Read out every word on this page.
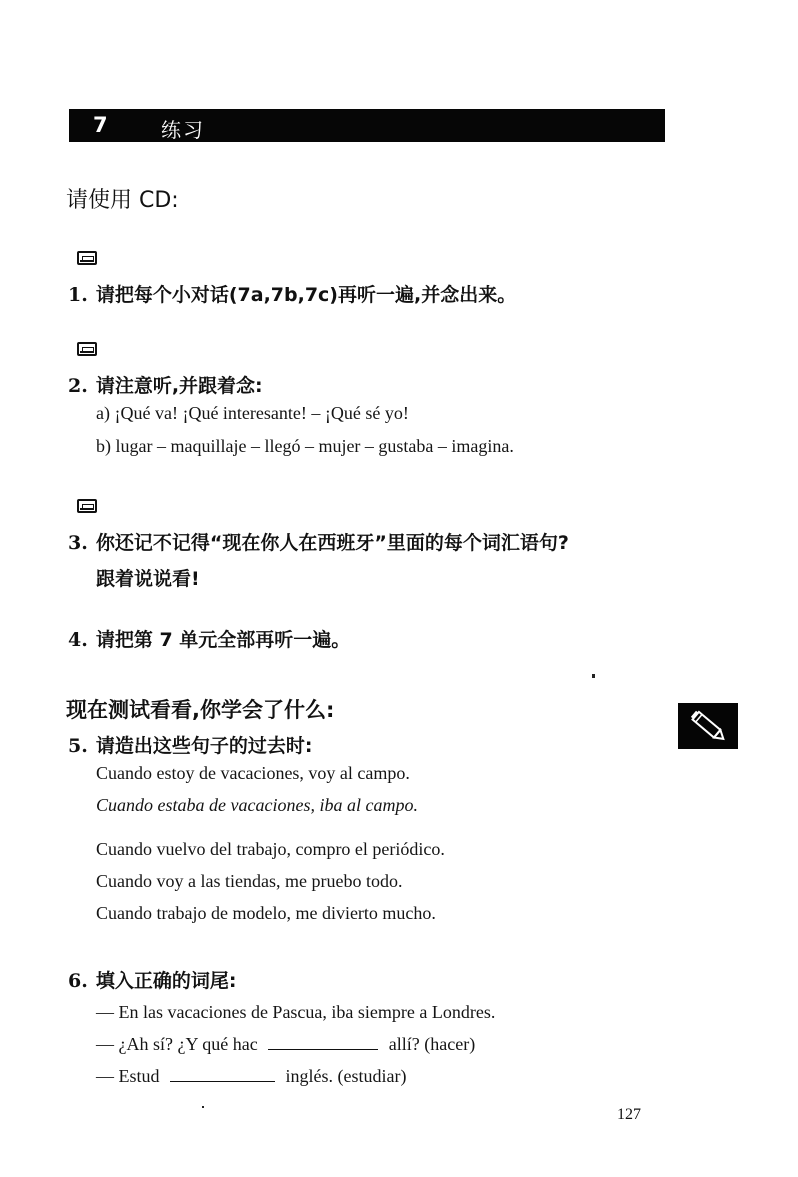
7	练习
请使用 CD:
1. 请把每个小对话(7a,7b,7c)再听一遍,并念出来。
2. 请注意听,并跟着念:
a) ¡Qué va! ¡Qué interesante! – ¡Qué sé yo!
b) lugar – maquillaje – llegó – mujer – gustaba – imagina.
3. 你还记不记得“现在你人在西班牙”里面的每个词汇语句?
跟着说说看!
4. 请把第 7 单元全部再听一遍。
现在测试看看,你学会了什么:
5. 请造出这些句子的过去时:
Cuando estoy de vacaciones, voy al campo.
Cuando estaba de vacaciones, iba al campo.
Cuando vuelvo del trabajo, compro el periódico.
Cuando voy a las tiendas, me pruebo todo.
Cuando trabajo de modelo, me divierto mucho.
6. 填入正确的词尾:
— En las vacaciones de Pascua, iba siempre a Londres.
— ¿Ah sí? ¿Y qué hac	allí? (hacer)
— Estud	inglés. (estudiar)
127
